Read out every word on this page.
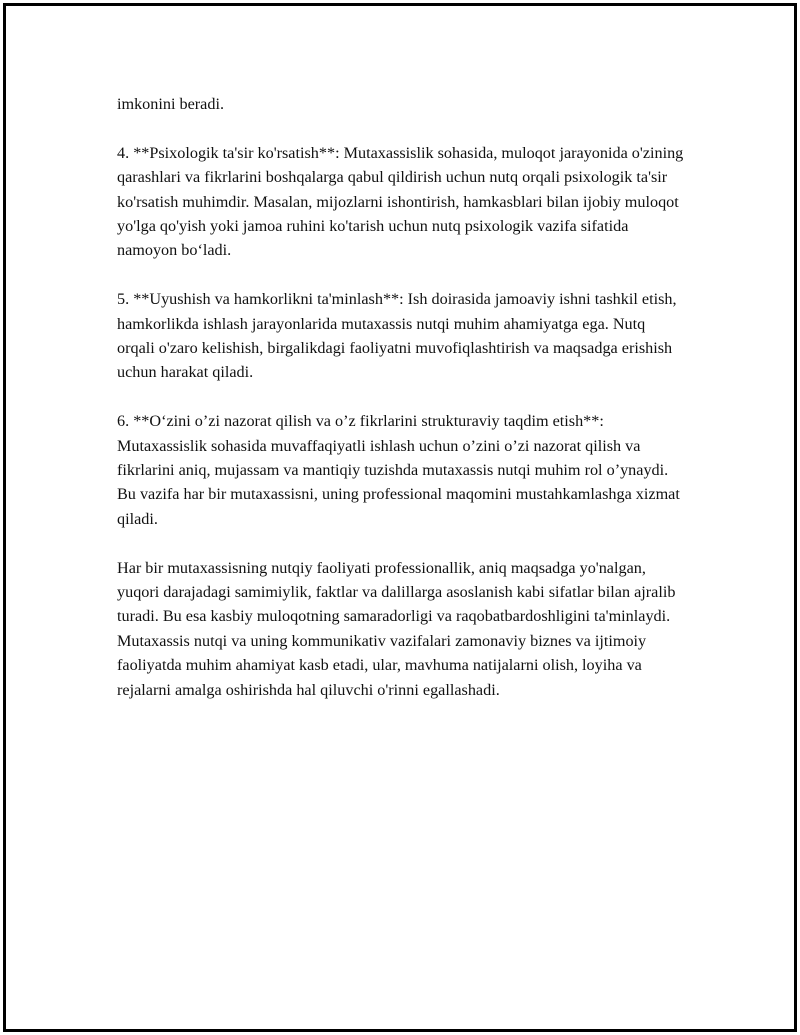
imkonini beradi.

4. **Psixologik ta'sir ko'rsatish**: Mutaxassislik sohasida, muloqot jarayonida o'zining qarashlari va fikrlarini boshqalarga qabul qildirish uchun nutq orqali psixologik ta'sir ko'rsatish muhimdir. Masalan, mijozlarni ishontirish, hamkasblari bilan ijobiy muloqot yo'lga qo'yish yoki jamoa ruhini ko'tarish uchun nutq psixologik vazifa sifatida namoyon bo‘ladi.

5. **Uyushish va hamkorlikni ta'minlash**: Ish doirasida jamoaviy ishni tashkil etish, hamkorlikda ishlash jarayonlarida mutaxassis nutqi muhim ahamiyatga ega. Nutq orqali o'zaro kelishish, birgalikdagi faoliyatni muvofiqlashtirish va maqsadga erishish uchun harakat qiladi.

6. **O‘zini o’zi nazorat qilish va o’z fikrlarini strukturaviy taqdim etish**: Mutaxassislik sohasida muvaffaqiyatli ishlash uchun o’zini o’zi nazorat qilish va fikrlarini aniq, mujassam va mantiqiy tuzishda mutaxassis nutqi muhim rol o’ynaydi. Bu vazifa har bir mutaxassisni, uning professional maqomini mustahkamlashga xizmat qiladi.

Har bir mutaxassisning nutqiy faoliyati professionallik, aniq maqsadga yo'nalgan, yuqori darajadagi samimiylik, faktlar va dalillarga asoslanish kabi sifatlar bilan ajralib turadi. Bu esa kasbiy muloqotning samaradorligi va raqobatbardoshligini ta'minlaydi. Mutaxassis nutqi va uning kommunikativ vazifalari zamonaviy biznes va ijtimoiy faoliyatda muhim ahamiyat kasb etadi, ular, mavhuma natijalarni olish, loyiha va rejalarni amalga oshirishda hal qiluvchi o'rinni egallashadi.
